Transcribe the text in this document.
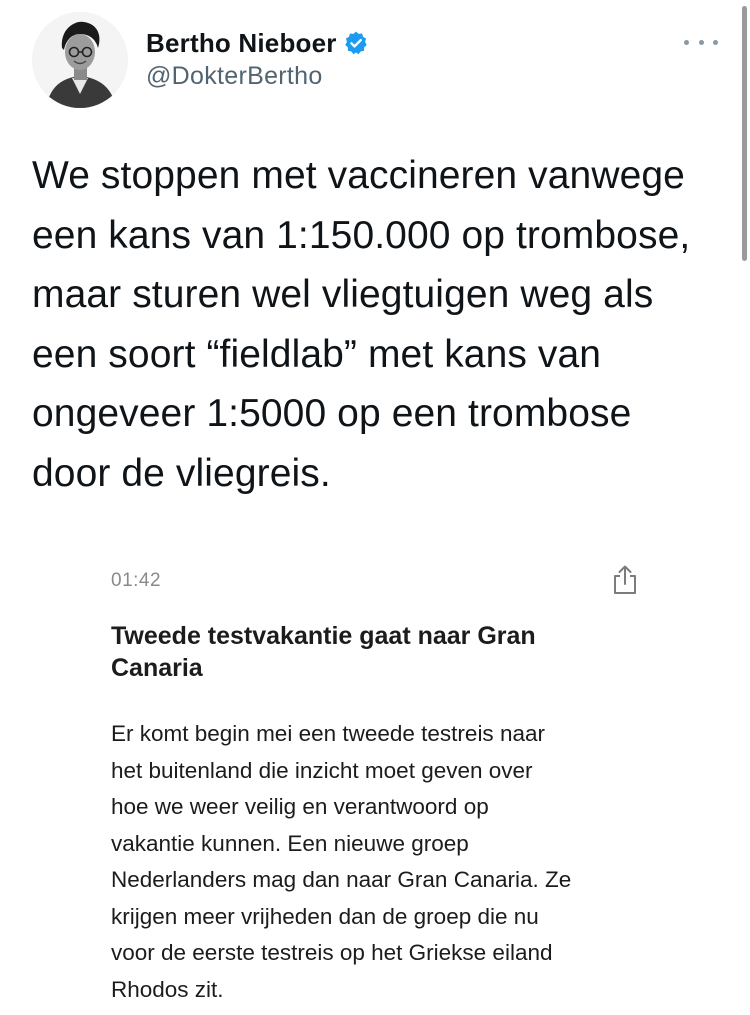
Bertho Nieboer
@DokterBertho

We stoppen met vaccineren vanwege
een kans van 1:150.000 op trombose,
maar sturen wel vliegtuigen weg als
een soort “fieldlab” met kans van
ongeveer 1:5000 op een trombose
door de vliegreis.

01:42
Tweede testvakantie gaat naar Gran Canaria

Er komt begin mei een tweede testreis naar
het buitenland die inzicht moet geven over
hoe we weer veilig en verantwoord op
vakantie kunnen. Een nieuwe groep
Nederlanders mag dan naar Gran Canaria. Ze
krijgen meer vrijheden dan de groep die nu
voor de eerste testreis op het Griekse eiland
Rhodos zit.
